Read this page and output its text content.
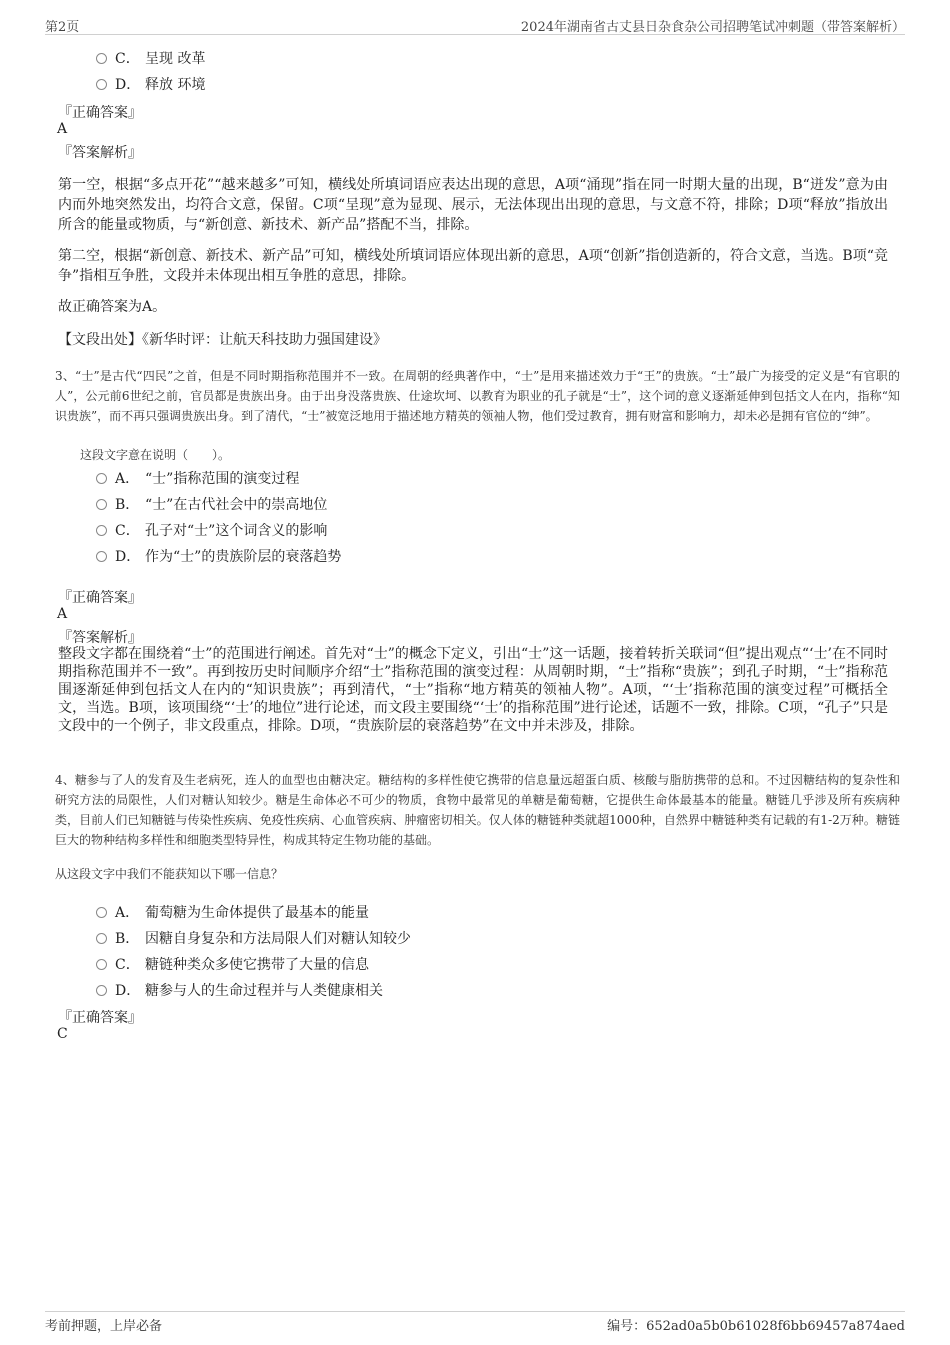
第2页	2024年湖南省古丈县日杂食杂公司招聘笔试冲刺题（带答案解析）
C． 呈现 改革
D． 释放 环境
『正确答案』
A
『答案解析』
第一空，根据“多点开花”“越来越多”可知，横线处所填词语应表达出现的意思，A项“涌现”指在同一时期大量的出现，B“迸发”意为由内而外地突然发出，均符合文意，保留。C项“呈现”意为显现、展示，无法体现出出现的意思，与文意不符，排除；D项“释放”指放出所含的能量或物质，与“新创意、新技术、新产品”搭配不当，排除。
第二空，根据“新创意、新技术、新产品”可知，横线处所填词语应体现出新的意思，A项“创新”指创造新的，符合文意，当选。B项“竞争”指相互争胜，文段并未体现出相互争胜的意思，排除。
故正确答案为A。
【文段出处】《新华时评：让航天科技助力强国建设》
3、“士”是古代“四民”之首，但是不同时期指称范围并不一致。在周朝的经典著作中，“士”是用来描述效力于“王”的贵族。“士”最广为接受的定义是“有官职的人”，公元前6世纪之前，官员都是贵族出身。由于出身没落贵族、仕途坎坷、以教育为职业的孔子就是“士”，这个词的意义逐渐延伸到包括文人在内，指称“知识贵族”，而不再只强调贵族出身。到了清代，“士”被宽泛地用于描述地方精英的领袖人物，他们受过教育，拥有财富和影响力，却未必是拥有官位的“绅”。
这段文字意在说明（　　）。
A． “士”指称范围的演变过程
B． “士”在古代社会中的崇高地位
C． 孔子对“士”这个词含义的影响
D． 作为“士”的贵族阶层的衰落趋势
『正确答案』
A
『答案解析』
整段文字都在围绕着“士”的范围进行阐述。首先对“士”的概念下定义，引出“士”这一话题，接着转折关联词“但”提出观点“‘士’在不同时期指称范围并不一致”。再到按历史时间顺序介绍“士”指称范围的演变过程：从周朝时期，“士”指称“贵族”；到孔子时期，“士”指称范围逐渐延伸到包括文人在内的“知识贵族”；再到清代，“士”指称“地方精英的领袖人物”。A项，“‘士’指称范围的演变过程”可概括全文，当选。B项，该项围绕“‘士’的地位”进行论述，而文段主要围绕“‘士’的指称范围”进行论述，话题不一致，排除。C项，“孔子”只是文段中的一个例子，非文段重点，排除。D项，“贵族阶层的衰落趋势”在文中并未涉及，排除。
4、糖参与了人的发育及生老病死，连人的血型也由糖决定。糖结构的多样性使它携带的信息量远超蛋白质、核酸与脂肪携带的总和。不过因糖结构的复杂性和研究方法的局限性，人们对糖认知较少。糖是生命体必不可少的物质，食物中最常见的单糖是葡萄糖，它提供生命体最基本的能量。糖链几乎涉及所有疾病种类，目前人们已知糖链与传染性疾病、免疫性疾病、心血管疾病、肿瘤密切相关。仅人体的糖链种类就超1000种，自然界中糖链种类有记载的有1-2万种。糖链巨大的物种结构多样性和细胞类型特异性，构成其特定生物功能的基础。
从这段文字中我们不能获知以下哪一信息？
A． 葡萄糖为生命体提供了最基本的能量
B． 因糖自身复杂和方法局限人们对糖认知较少
C． 糖链种类众多使它携带了大量的信息
D． 糖参与人的生命过程并与人类健康相关
『正确答案』
C
考前押题，上岸必备	编号：652ad0a5b0b61028f6bb69457a874aed
